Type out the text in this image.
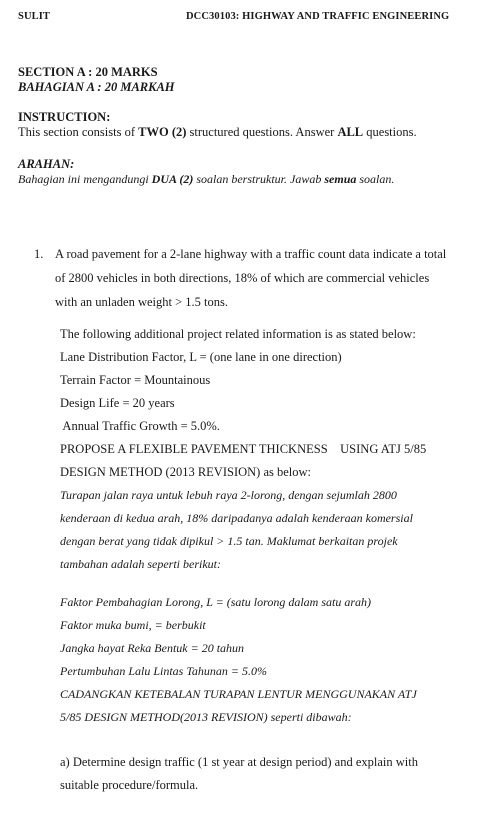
SULIT	DCC30103: HIGHWAY AND TRAFFIC ENGINEERING
SECTION A : 20 MARKS
BAHAGIAN A : 20 MARKAH
INSTRUCTION:
This section consists of TWO (2) structured questions. Answer ALL questions.
ARAHAN:
Bahagian ini mengandungi DUA (2) soalan berstruktur. Jawab semua soalan.
1. A road pavement for a 2-lane highway with a traffic count data indicate a total
of 2800 vehicles in both directions, 18% of which are commercial vehicles
with an unladen weight > 1.5 tons.
The following additional project related information is as stated below:
Lane Distribution Factor, L = (one lane in one direction)
Terrain Factor = Mountainous
Design Life = 20 years
Annual Traffic Growth = 5.0%.
PROPOSE A FLEXIBLE PAVEMENT THICKNESS    USING ATJ 5/85
DESIGN METHOD (2013 REVISION) as below:
Turapan jalan raya untuk lebuh raya 2-lorong, dengan sejumlah 2800
kenderaan di kedua arah, 18% daripadanya adalah kenderaan komersial
dengan berat yang tidak dipikul > 1.5 tan. Maklumat berkaitan projek
tambahan adalah seperti berikut:
Faktor Pembahagian Lorong, L = (satu lorong dalam satu arah)
Faktor muka bumi, = berbukit
Jangka hayat Reka Bentuk = 20 tahun
Pertumbuhan Lalu Lintas Tahunan = 5.0%
CADANGKAN KETEBALAN TURAPAN LENTUR MENGGUNAKAN ATJ
5/85 DESIGN METHOD(2013 REVISION) seperti dibawah:
a) Determine design traffic (1 st year at design period) and explain with
suitable procedure/formula.
